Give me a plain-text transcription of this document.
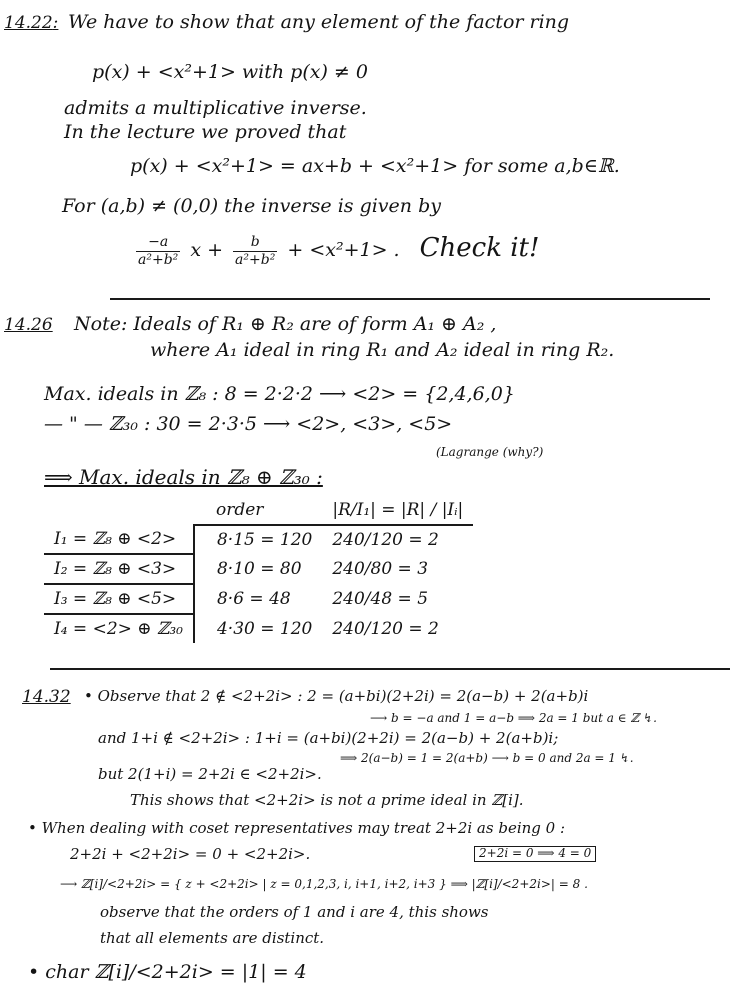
14.22: We have to show that any element of the factor ring
p(x) + <x²+1> with p(x) ≠ 0
admits a multiplicative inverse.
In the lecture we proved that
p(x) + <x²+1> = ax+b + <x²+1> for some a,b∈ℝ.
For (a,b) ≠ (0,0) the inverse is given by
$\frac{-a}{\text{a²+b²}}$ $x + \frac{b}{\text{a²+b²}} + <x^2+1>$ . Check it!
14.26 Note: Ideals of R₁ ⊕ R₂ are of form A₁ ⊕ A₂ ,
where A₁ ideal in ring R₁ and A₂ ideal in ring R₂.
Max. ideals in ℤ₈ : 8 = 2·2·2 ⟶ <2> = {2,4,6,0}
— " — ℤ₃₀ : 30 = 2·3·5 ⟶ <2>, <3>, <5>
⟹ Max. ideals in ℤ₈ ⊕ ℤ₃₀ :
(Lagrange (why?)
	order	|R/I₁| = |R| / |Iᵢ|
I₁ = ℤ₈ ⊕ <2>	8·15 = 120	240/120 = 2
I₂ = ℤ₈ ⊕ <3>	8·10 = 80	240/80 = 3
I₃ = ℤ₈ ⊕ <5>	8·6 = 48	240/48 = 5
I₄ = <2> ⊕ ℤ₃₀	4·30 = 120	240/120 = 2
14.32 • Observe that 2 ∉ <2+2i> : 2 = (a+bi)(2+2i) = 2(a−b) + 2(a+b)i
⟶ b = −a and 1 = a−b ⟹ 2a = 1 but a ∈ ℤ ↯.
and 1+i ∉ <2+2i> : 1+i = (a+bi)(2+2i) = 2(a−b) + 2(a+b)i;
⟹ 2(a−b) = 1 = 2(a+b) ⟶ b = 0 and 2a = 1 ↯.
but 2(1+i) = 2+2i ∈ <2+2i>.
This shows that <2+2i> is not a prime ideal in ℤ[i].
• When dealing with coset representatives may treat 2+2i as being 0 :
2+2i + <2+2i> = 0 + <2+2i>.	2+2i = 0 ⟹ 4 = 0
⟶ ℤ[i]/<2+2i> = { z + <2+2i> | z = 0,1,2,3, i, i+1, i+2, i+3 } ⟹ |ℤ[i]/<2+2i>| = 8 .
observe that the orders of 1 and i are 4, this shows
that all elements are distinct.
• char ℤ[i]/<2+2i> = |1| = 4
